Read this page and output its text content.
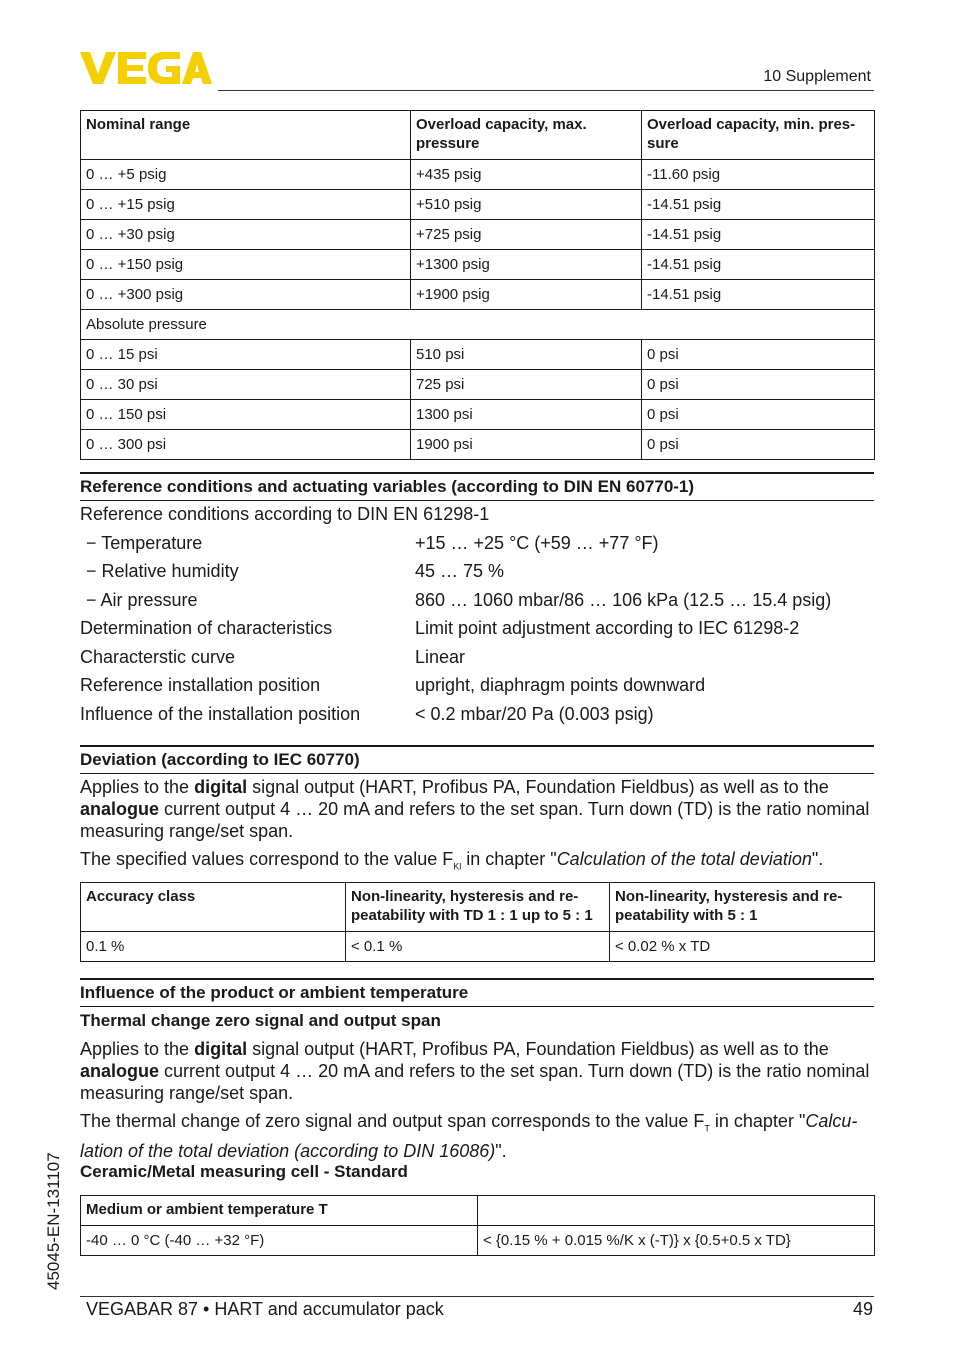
10 Supplement
Nominal range	Overload capacity, max. pressure	Overload capacity, min. pres-sure
0 … +5 psig	+435 psig	-11.60 psig
0 … +15 psig	+510 psig	-14.51 psig
0 … +30 psig	+725 psig	-14.51 psig
0 … +150 psig	+1300 psig	-14.51 psig
0 … +300 psig	+1900 psig	-14.51 psig
Absolute pressure		
0 … 15 psi	510 psi	0 psi
0 … 30 psi	725 psi	0 psi
0 … 150 psi	1300 psi	0 psi
0 … 300 psi	1900 psi	0 psi
Reference conditions and actuating variables (according to DIN EN 60770-1)
Reference conditions according to DIN EN 61298-1
− Temperature	+15 … +25 °C (+59 … +77 °F)
− Relative humidity	45 … 75 %
− Air pressure	860 … 1060 mbar/86 … 106 kPa (12.5 … 15.4 psig)
Determination of characteristics	Limit point adjustment according to IEC 61298-2
Characterstic curve	Linear
Reference installation position	upright, diaphragm points downward
Influence of the installation position	< 0.2 mbar/20 Pa (0.003 psig)
Deviation (according to IEC 60770)
Applies to the digital signal output (HART, Profibus PA, Foundation Fieldbus) as well as to the analogue current output 4 … 20 mA and refers to the set span. Turn down (TD) is the ratio nominal measuring range/set span.
The specified values correspond to the value $F_{Kl}$ in chapter "Calculation of the total deviation".
Accuracy class	Non-linearity, hysteresis and re-peatability with TD 1 : 1 up to 5 : 1	Non-linearity, hysteresis and re-peatability with 5 : 1
0.1 %	< 0.1 %	< 0.02 % x TD
Influence of the product or ambient temperature
Thermal change zero signal and output span
Applies to the digital signal output (HART, Profibus PA, Foundation Fieldbus) as well as to the analogue current output 4 … 20 mA and refers to the set span. Turn down (TD) is the ratio nominal measuring range/set span.
The thermal change of zero signal and output span corresponds to the value $F_T$ in chapter "Calcu-lation of the total deviation (according to DIN 16086)".
Ceramic/Metal measuring cell - Standard
Medium or ambient temperature T	
-40 … 0 °C (-40 … +32 °F)	< {0.15 % + 0.015 %/K x (-T)} x {0.5+0.5 x TD}
VEGABAR 87 • HART and accumulator pack	49
45045-EN-131107
